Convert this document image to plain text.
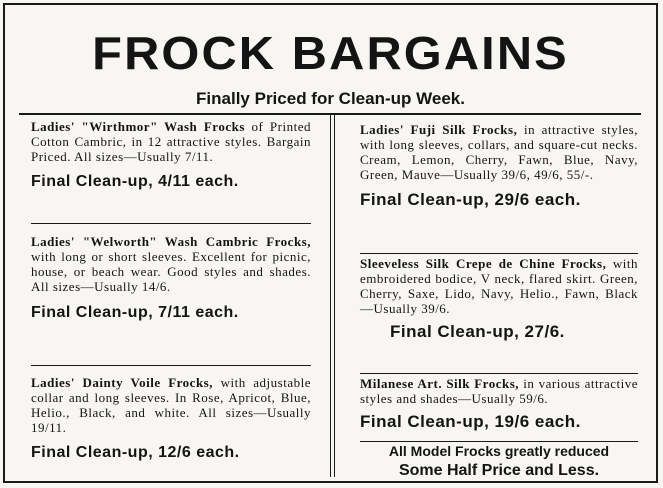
FROCK BARGAINS
Finally Priced for Clean-up Week.
Ladies' "Wirthmor" Wash Frocks of Printed Cotton Cambric, in 12 attractive styles. Bargain Priced. All sizes—Usually 7/11.
Final Clean-up, 4/11 each.
Ladies' "Welworth" Wash Cambric Frocks, with long or short sleeves. Excellent for picnic, house, or beach wear. Good styles and shades. All sizes—Usually 14/6.
Final Clean-up, 7/11 each.
Ladies' Dainty Voile Frocks, with adjustable collar and long sleeves. In Rose, Apricot, Blue, Helio., Black, and white. All sizes—Usually 19/11.
Final Clean-up, 12/6 each.
Ladies' Fuji Silk Frocks, in attractive styles, with long sleeves, collars, and square-cut necks. Cream, Lemon, Cherry, Fawn, Blue, Navy, Green, Mauve—Usually 39/6, 49/6, 55/-.
Final Clean-up, 29/6 each.
Sleeveless Silk Crepe de Chine Frocks, with embroidered bodice, V neck, flared skirt. Green, Cherry, Saxe, Lido, Navy, Helio., Fawn, Black—Usually 39/6.
Final Clean-up, 27/6.
Milanese Art. Silk Frocks, in various attractive styles and shades—Usually 59/6.
Final Clean-up, 19/6 each.
All Model Frocks greatly reduced
Some Half Price and Less.
